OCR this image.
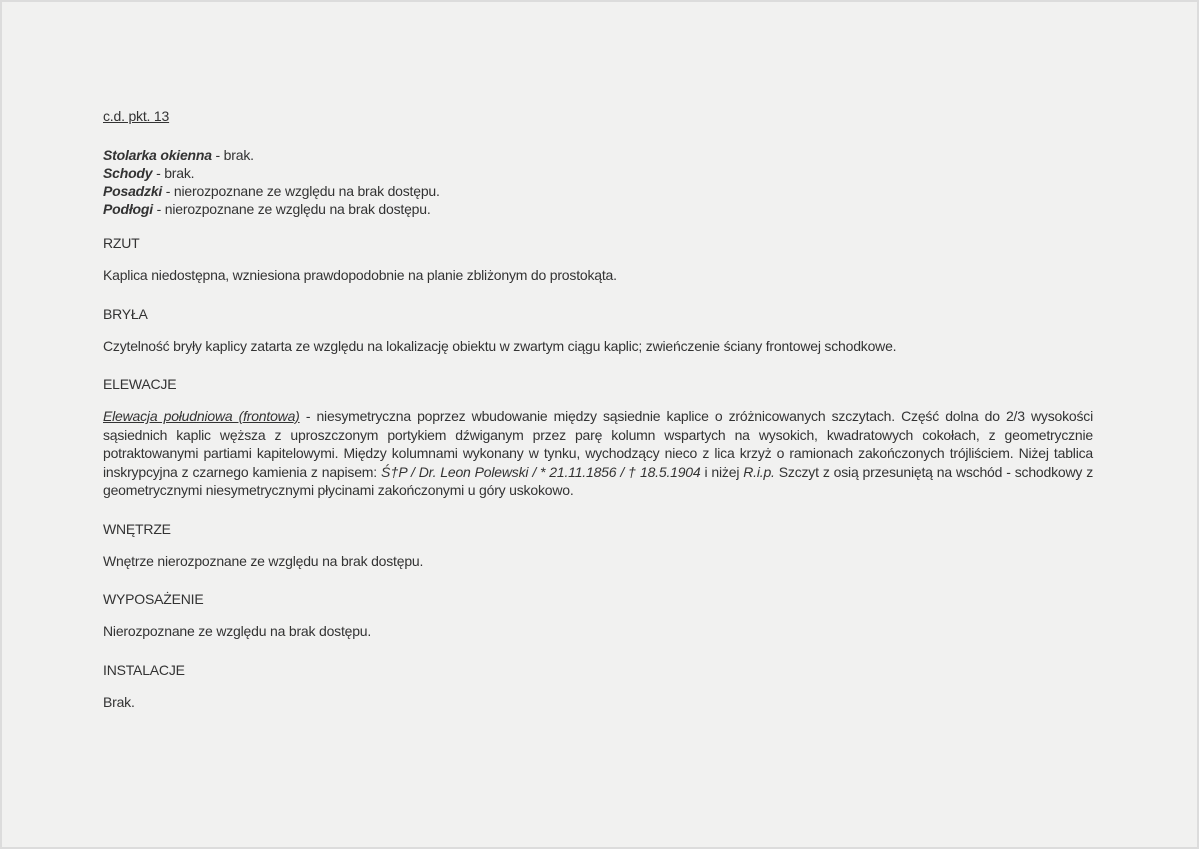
c.d. pkt. 13
Stolarka okienna - brak.
Schody - brak.
Posadzki - nierozpoznane ze względu na brak dostępu.
Podłogi - nierozpoznane ze względu na brak dostępu.
RZUT
Kaplica niedostępna, wzniesiona prawdopodobnie na planie zbliżonym do prostokąta.
BRYŁA
Czytelność bryły kaplicy zatarta ze względu na lokalizację obiektu w zwartym ciągu kaplic; zwieńczenie ściany frontowej schodkowe.
ELEWACJE
Elewacja południowa (frontowa) - niesymetryczna poprzez wbudowanie między sąsiednie kaplice o zróżnicowanych szczytach. Część dolna do 2/3 wysokości sąsiednich kaplic węższa z uproszczonym portykiem dźwiganym przez parę kolumn wspartych na wysokich, kwadratowych cokołach, z geometrycznie potraktowanymi partiami kapitelowymi. Między kolumnami wykonany w tynku, wychodzący nieco z lica krzyż o ramionach zakończonych trójliściem. Niżej tablica inskrypcyjna z czarnego kamienia z napisem: Ś†P / Dr. Leon Polewski / * 21.11.1856 / † 18.5.1904 i niżej R.i.p. Szczyt z osią przesuniętą na wschód - schodkowy z geometrycznymi niesymetrycznymi płycinami zakończonymi u góry uskokowo.
WNĘTRZE
Wnętrze nierozpoznane ze względu na brak dostępu.
WYPOSAŻENIE
Nierozpoznane ze względu na brak dostępu.
INSTALACJE
Brak.
